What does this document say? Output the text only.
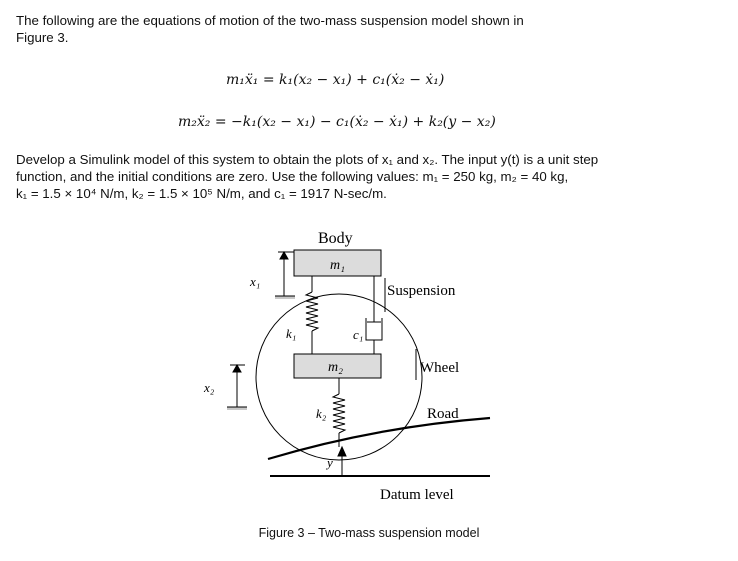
The following are the equations of motion of the two-mass suspension model shown in
Figure 3.
m₁ẍ₁ = k₁(x₂ − x₁) + c₁(ẋ₂ − ẋ₁)
m₂ẍ₂ = −k₁(x₂ − x₁) − c₁(ẋ₂ − ẋ₁) + k₂(y − x₂)
Develop a Simulink model of this system to obtain the plots of x₁ and x₂. The input y(t) is a unit step
function, and the initial conditions are zero. Use the following values: m₁ = 250 kg, m₂ = 40 kg,
k₁ = 1.5 × 10⁴ N/m, k₂ = 1.5 × 10⁵ N/m, and c₁ = 1917 N-sec/m.
Body
m₁
m₂
k₁	c₁
k₂
y
x₁
x₂
Suspension
Wheel
Road
Datum level
Figure 3 – Two-mass suspension model
